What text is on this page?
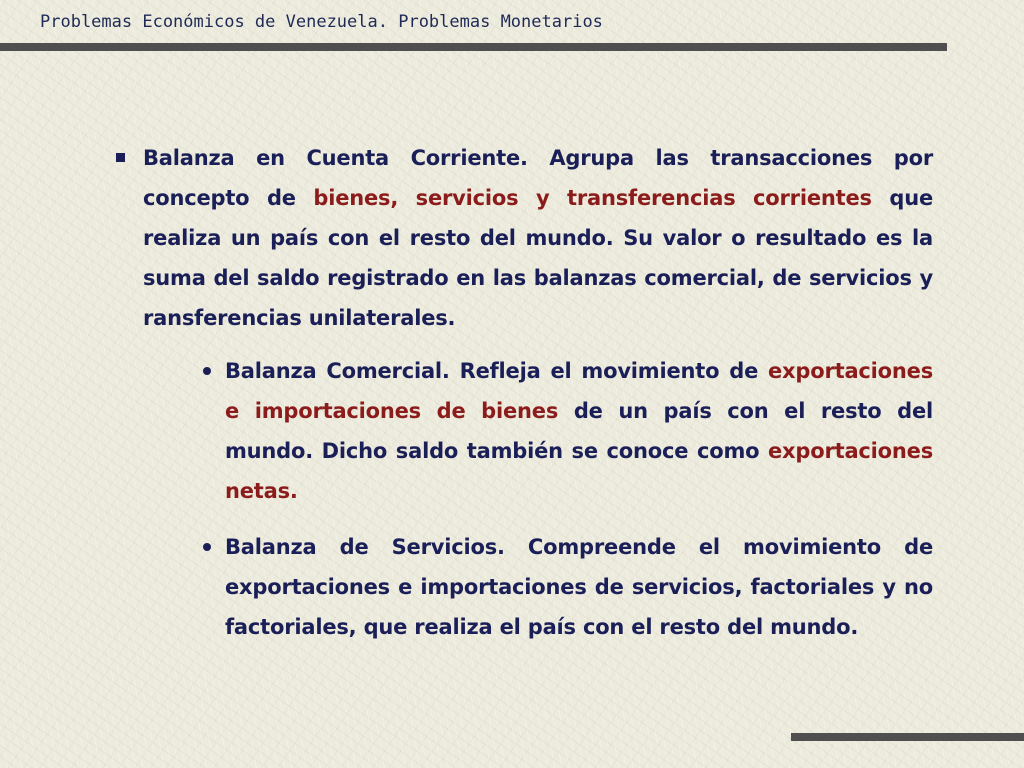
Problemas Económicos de Venezuela. Problemas Monetarios
Balanza en Cuenta Corriente. Agrupa las transacciones por concepto de bienes, servicios y transferencias corrientes que realiza un país con el resto del mundo. Su valor o resultado es la suma del saldo registrado en las balanzas comercial, de servicios y ransferencias unilaterales.
Balanza Comercial. Refleja el movimiento de exportaciones e importaciones de bienes de un país con el resto del mundo. Dicho saldo también se conoce como exportaciones netas.
Balanza de Servicios. Compreende el movimiento de exportaciones e importaciones de servicios, factoriales y no factoriales, que realiza el país con el resto del mundo.
